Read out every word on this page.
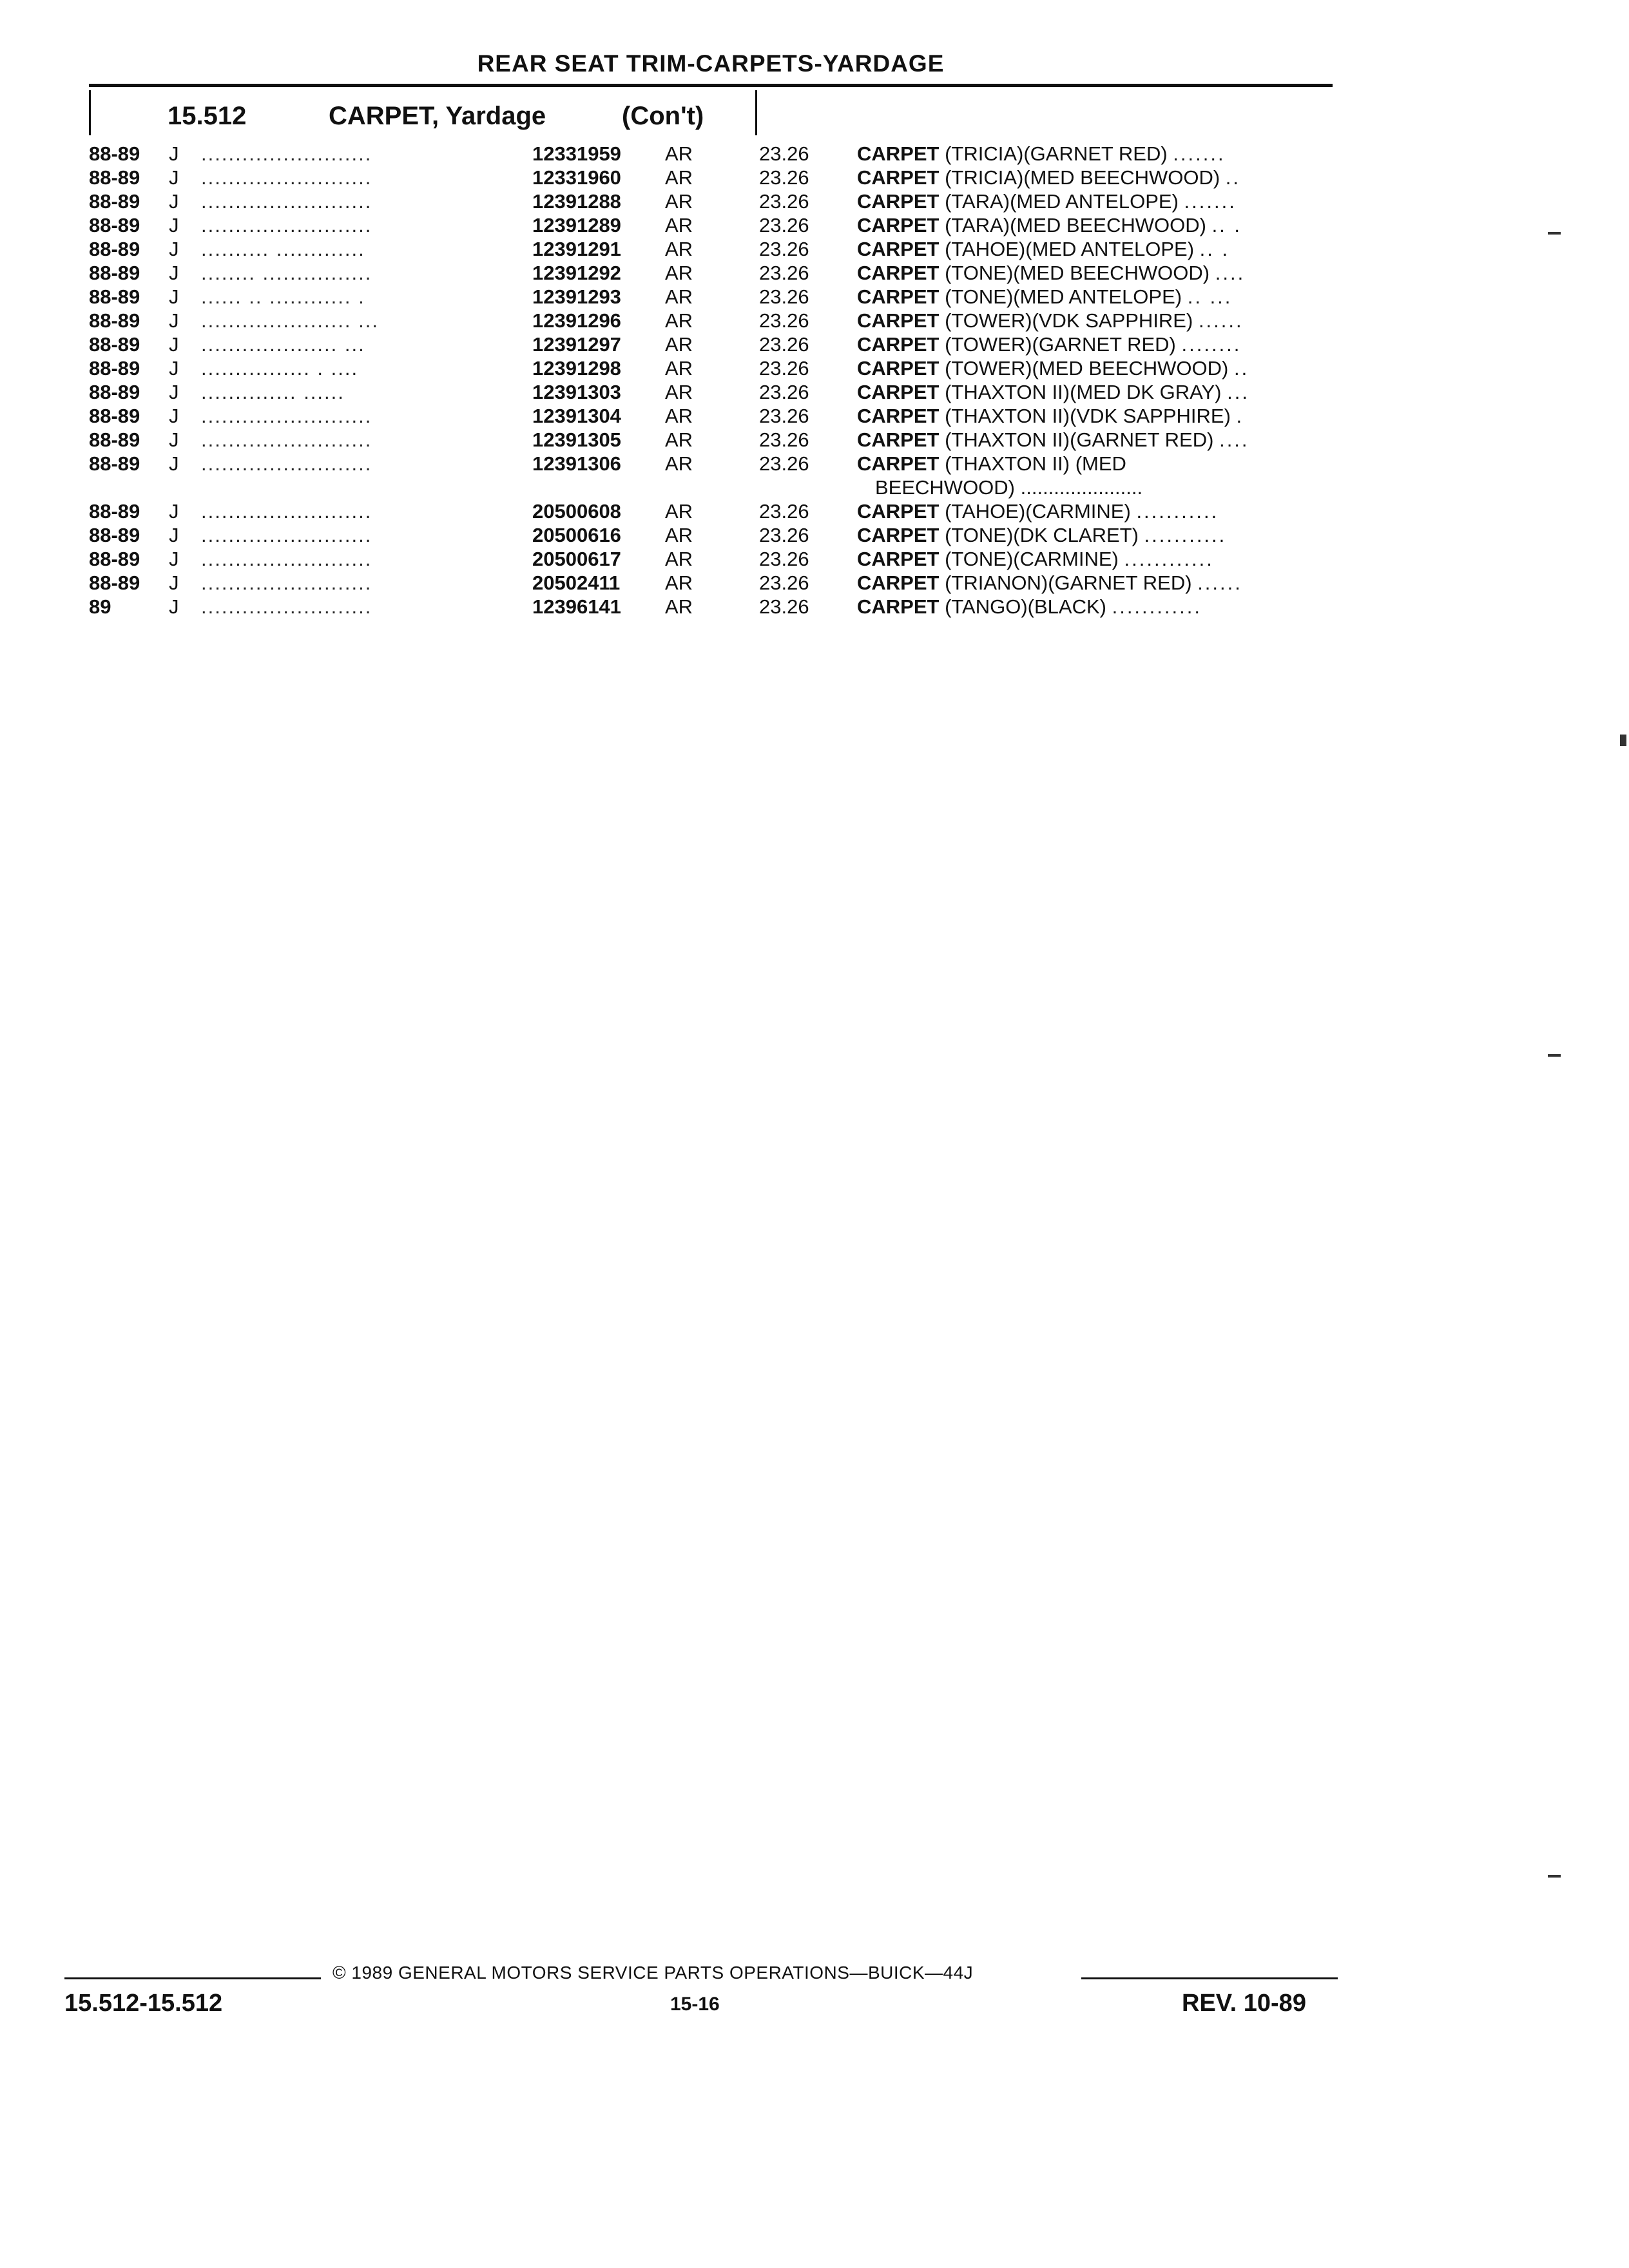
REAR SEAT TRIM-CARPETS-YARDAGE
15.512	CARPET, Yardage	(Con't)
88-89 J .........................	12331959 AR	23.26 CARPET (TRICIA)(GARNET RED) .......
88-89 J .........................	12331960 AR	23.26 CARPET (TRICIA)(MED BEECHWOOD) ..
88-89 J .........................	12391288 AR	23.26 CARPET (TARA)(MED ANTELOPE) .......
88-89 J .........................	12391289 AR	23.26 CARPET (TARA)(MED BEECHWOOD) .. .
88-89 J .......... .............	12391291 AR	23.26 CARPET (TAHOE)(MED ANTELOPE) .. .
88-89 J ........ ................	12391292 AR	23.26 CARPET (TONE)(MED BEECHWOOD) ....
88-89 J ...... .. ............ .	12391293 AR	23.26 CARPET (TONE)(MED ANTELOPE) .. ...
88-89 J ...................... ...	12391296 AR	23.26 CARPET (TOWER)(VDK SAPPHIRE) ......
88-89 J .................... ...	12391297 AR	23.26 CARPET (TOWER)(GARNET RED) ........
88-89 J ................ . ....	12391298 AR	23.26 CARPET (TOWER)(MED BEECHWOOD) ..
88-89 J .............. ......	12391303 AR	23.26 CARPET (THAXTON II)(MED DK GRAY) ...
88-89 J .........................	12391304 AR	23.26 CARPET (THAXTON II)(VDK SAPPHIRE) .
88-89 J .........................	12391305 AR	23.26 CARPET (THAXTON II)(GARNET RED) ....
88-89 J .........................	12391306 AR	23.26 CARPET (THAXTON II) (MED
BEECHWOOD) ......................
88-89 J .........................	20500608 AR	23.26 CARPET (TAHOE)(CARMINE) ...........
88-89 J .........................	20500616 AR	23.26 CARPET (TONE)(DK CLARET) ...........
88-89 J .........................	20500617 AR	23.26 CARPET (TONE)(CARMINE) ............
88-89 J .........................	20502411 AR	23.26 CARPET (TRIANON)(GARNET RED) ......
89	J .........................	12396141 AR	23.26 CARPET (TANGO)(BLACK) ............
© 1989 GENERAL MOTORS SERVICE PARTS OPERATIONS—BUICK—44J
15.512-15.512	15-16	REV. 10-89
